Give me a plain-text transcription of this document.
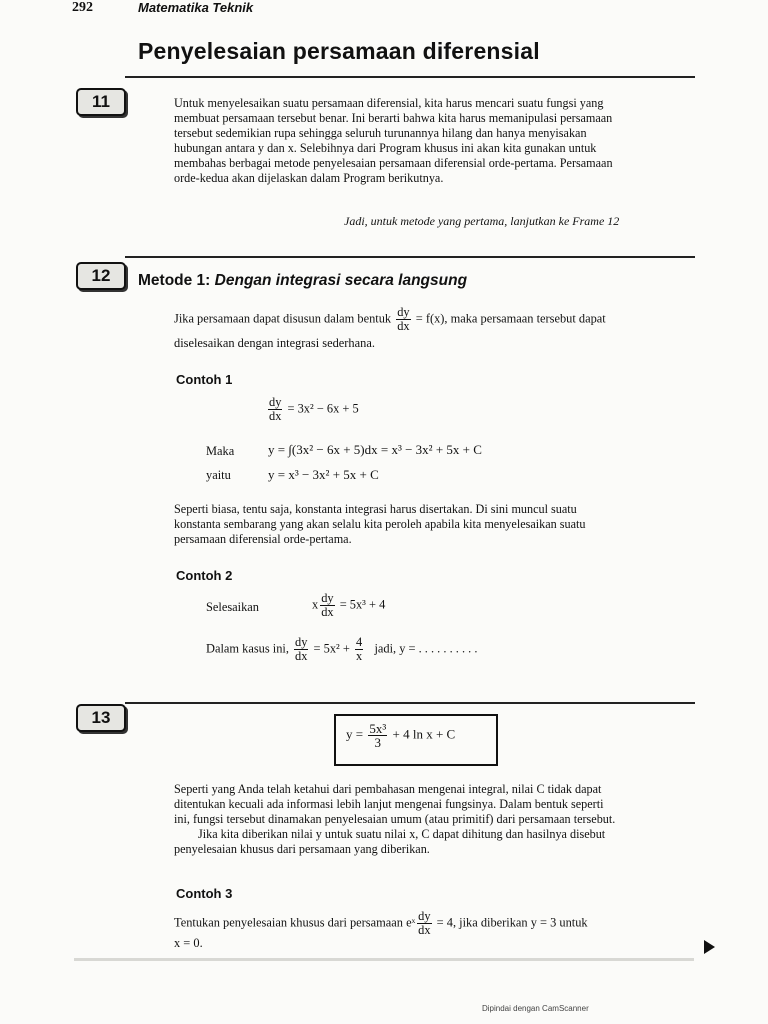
292	Matematika Teknik
Penyelesaian persamaan diferensial
11	Untuk menyelesaikan suatu persamaan diferensial, kita harus mencari suatu fungsi yang
membuat persamaan tersebut benar. Ini berarti bahwa kita harus memanipulasi persamaan
tersebut sedemikian rupa sehingga seluruh turunannya hilang dan hanya menyisakan
hubungan antara y dan x. Selebihnya dari Program khusus ini akan kita gunakan untuk
membahas berbagai metode penyelesaian persamaan diferensial orde-pertama. Persamaan
orde-kedua akan dijelaskan dalam Program berikutnya.
Jadi, untuk metode yang pertama, lanjutkan ke Frame 12
12	Metode 1: Dengan integrasi secara langsung
Jika persamaan dapat disusun dalam bentuk $\frac{dy}{dx} = f(x)$, maka persamaan tersebut dapat
diselesaikan dengan integrasi sederhana.
Contoh 1
$\frac{dy}{dx} = 3x^2 - 6x + 5$
Maka	y = ∫(3x² − 6x + 5)dx = x³ − 3x² + 5x + C
yaitu	y = x³ − 3x² + 5x + C
Seperti biasa, tentu saja, konstanta integrasi harus disertakan. Di sini muncul suatu
konstanta sembarang yang akan selalu kita peroleh apabila kita menyelesaikan suatu
persamaan diferensial orde-pertama.
Contoh 2
Selesaikan	x $\frac{dy}{dx} = 5x^3 + 4$
Dalam kasus ini, $\frac{dy}{dx} = 5x^2 + \frac{4}{x}$ jadi, y = . . . . . . . . . .
13
$y = \frac{\text{5x³}}{3} + 4$ ln x + C
Seperti yang Anda telah ketahui dari pembahasan mengenai integral, nilai C tidak dapat
ditentukan kecuali ada informasi lebih lanjut mengenai fungsinya. Dalam bentuk seperti
ini, fungsi tersebut dinamakan penyelesaian umum (atau primitif) dari persamaan tersebut.
Jika kita diberikan nilai y untuk suatu nilai x, C dapat dihitung dan hasilnya disebut
penyelesaian khusus dari persamaan yang diberikan.
Contoh 3
Tentukan penyelesaian khusus dari persamaan eˣ $\frac{dy}{dx} = 4$, jika diberikan y = 3 untuk
x = 0.
Dipindai dengan CamScanner
